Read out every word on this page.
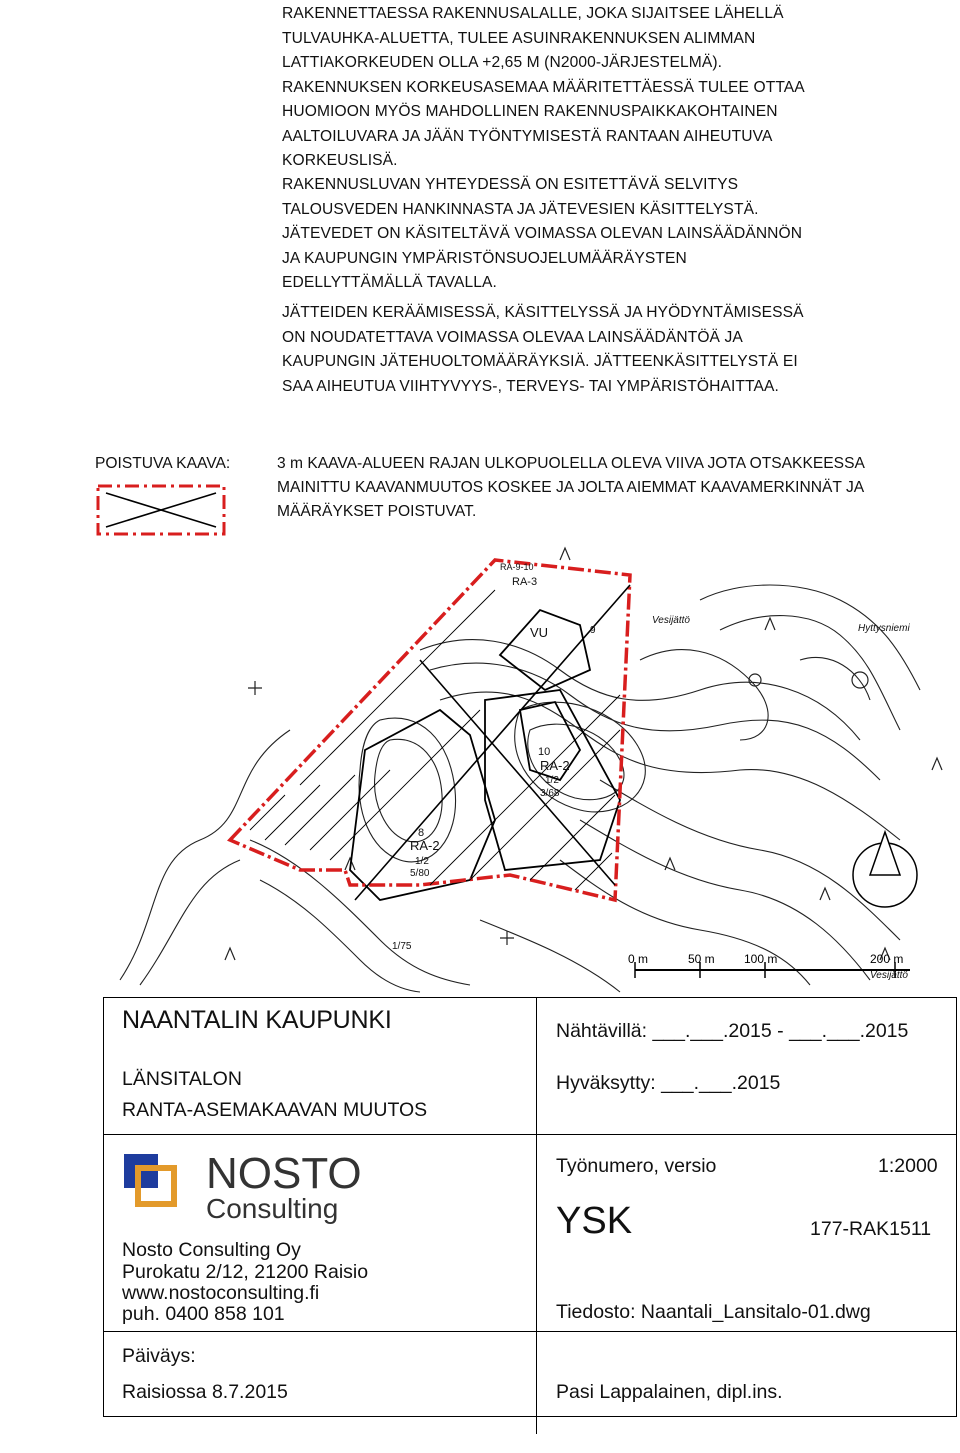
RAKENNETTAESSA RAKENNUSALALLE, JOKA SIJAITSEE LÄHELLÄ
TULVAUHKA-ALUETTA, TULEE ASUINRAKENNUKSEN ALIMMAN
LATTIAKORKEUDEN OLLA +2,65 M (N2000-JÄRJESTELMÄ).
RAKENNUKSEN KORKEUSASEMAA MÄÄRITETTÄESSÄ TULEE OTTAA
HUOMIOON MYÖS MAHDOLLINEN RAKENNUSPAIKKAKOHTAINEN
AALTOILUVARA JA JÄÄN TYÖNTYMISESTÄ RANTAAN AIHEUTUVA
KORKEUSLISÄ.
RAKENNUSLUVAN YHTEYDESSÄ ON ESITETTÄVÄ SELVITYS
TALOUSVEDEN HANKINNASTA JA JÄTEVESIEN KÄSITTELYSTÄ.
JÄTEVEDET ON KÄSITELTÄVÄ VOIMASSA OLEVAN LAINSÄÄDÄNNÖN
JA KAUPUNGIN YMPÄRISTÖNSUOJELUMÄÄRÄYSTEN
EDELLYTTÄMÄLLÄ TAVALLA.
JÄTTEIDEN KERÄÄMISESSÄ, KÄSITTELYSSÄ JA HYÖDYNTÄMISESSÄ
ON NOUDATETTAVA VOIMASSA OLEVAA LAINSÄÄDÄNTÖÄ JA
KAUPUNGIN JÄTEHUOLTOMÄÄRÄYKSIÄ. JÄTTEENKÄSITTELYSTÄ EI
SAA AIHEUTUA VIIHTYVYYS-, TERVEYS- TAI YMPÄRISTÖHAITTAA.
POISTUVA KAAVA:	3 m KAAVA-ALUEEN RAJAN ULKOPUOLELLA OLEVA VIIVA JOTA OTSAKKEESSA
MAINITTU KAAVANMUUTOS KOSKEE JA JOLTA AIEMMAT KAAVAMERKINNÄT JA
MÄÄRÄYKSET POISTUVAT.
0 m	50 m 100 m	200 m
Vesijättö
Hyttysniemi
Vesijättö
VU
RA-3
RA-2
RA-2
RA-9-10
1/75
1/2
5/80
1/2
3/68
10
8
9
NAANTALIN KAUPUNKI
LÄNSITALON
RANTA-ASEMAKAAVAN MUUTOS
Nähtävillä: ___.___.2015 - ___.___.2015
Hyväksytty: ___.___.2015
NOSTO
Consulting
Nosto Consulting Oy
Purokatu 2/12, 21200 Raisio
www.nostoconsulting.fi
puh. 0400 858 101
Työnumero, versio	1:2000
YSK	177-RAK1511
Tiedosto: Naantali_Lansitalo-01.dwg
Päiväys:
Raisiossa 8.7.2015	Pasi Lappalainen, dipl.ins.
